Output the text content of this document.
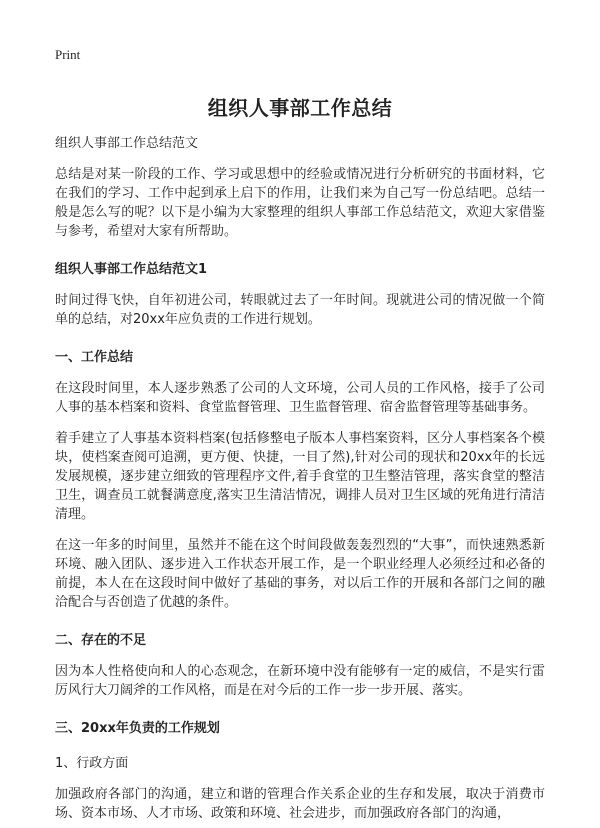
Print
组织人事部工作总结

组织人事部工作总结范文

总结是对某一阶段的工作、学习或思想中的经验或情况进行分析研究的书面材料，它在我们的学习、工作中起到承上启下的作用，让我们来为自己写一份总结吧。总结一般是怎么写的呢？以下是小编为大家整理的组织人事部工作总结范文，欢迎大家借鉴与参考，希望对大家有所帮助。

组织人事部工作总结范文1

时间过得飞快，自年初进公司，转眼就过去了一年时间。现就进公司的情况做一个简单的总结，对20xx年应负责的工作进行规划。

一、工作总结

在这段时间里，本人逐步熟悉了公司的人文环境，公司人员的工作风格，接手了公司人事的基本档案和资料、食堂监督管理、卫生监督管理、宿舍监督管理等基础事务。

着手建立了人事基本资料档案(包括修整电子版本人事档案资料，区分人事档案各个模块，使档案查阅可追溯，更方便、快捷，一目了然),针对公司的现状和20xx年的长远发展规模，逐步建立细致的管理程序文件,着手食堂的卫生整洁管理，落实食堂的整洁卫生，调查员工就餐满意度,落实卫生清洁情况，调排人员对卫生区域的死角进行清洁清理。

在这一年多的时间里，虽然并不能在这个时间段做轰轰烈烈的“大事”，而快速熟悉新环境、融入团队、逐步进入工作状态开展工作，是一个职业经理人必须经过和必备的前提，本人在在这段时间中做好了基础的事务，对以后工作的开展和各部门之间的融洽配合与否创造了优越的条件。

二、存在的不足

因为本人性格使向和人的心态观念，在新环境中没有能够有一定的威信，不是实行雷厉风行大刀阔斧的工作风格，而是在对今后的工作一步一步开展、落实。

三、20xx年负责的工作规划

1、行政方面

加强政府各部门的沟通，建立和谐的管理合作关系企业的生存和发展，取决于消费市场、资本市场、人才市场、政策和环境、社会进步，而加强政府各部门的沟通，
